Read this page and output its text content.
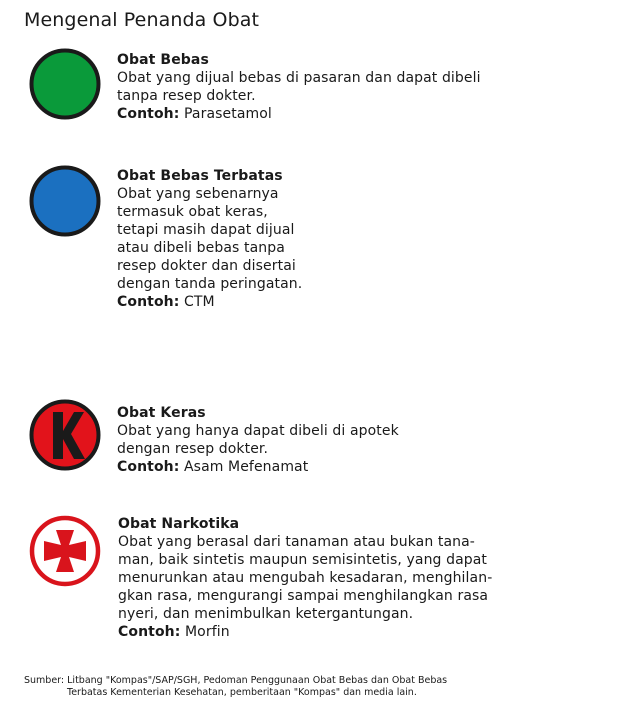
Mengenal Penanda Obat
Obat Bebas
Obat yang dijual bebas di pasaran dan dapat dibeli
tanpa resep dokter.
Contoh: Parasetamol
Obat Bebas Terbatas
Obat yang sebenarnya
termasuk obat keras,
tetapi masih dapat dijual
atau dibeli bebas tanpa
resep dokter dan disertai
dengan tanda peringatan.
Contoh: CTM
Obat Keras
Obat yang hanya dapat dibeli di apotek
dengan resep dokter.
Contoh: Asam Mefenamat
Obat Narkotika
Obat yang berasal dari tanaman atau bukan tana-
man, baik sintetis maupun semisintetis, yang dapat
menurunkan atau mengubah kesadaran, menghilan-
gkan rasa, mengurangi sampai menghilangkan rasa
nyeri, dan menimbulkan ketergantungan.
Contoh: Morfin
Sumber: Litbang "Kompas"/SAP/SGH, Pedoman Penggunaan Obat Bebas dan Obat Bebas
Terbatas Kementerian Kesehatan, pemberitaan "Kompas" dan media lain.
